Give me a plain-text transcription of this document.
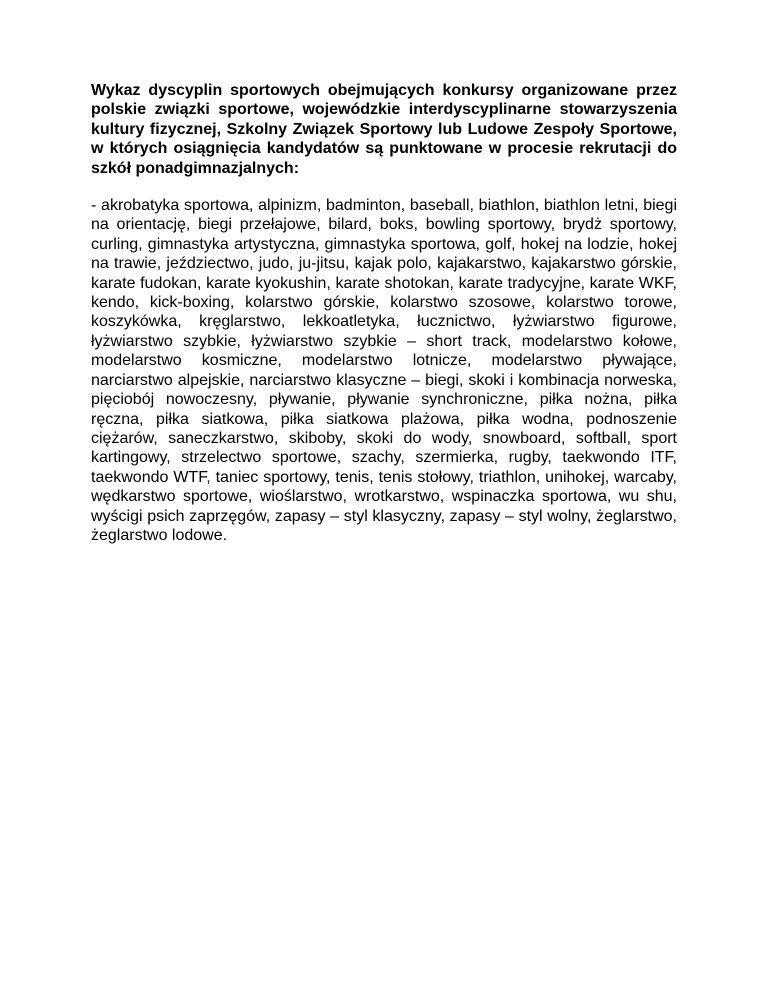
Wykaz dyscyplin sportowych obejmujących konkursy organizowane przez polskie związki sportowe, wojewódzkie interdyscyplinarne stowarzyszenia kultury fizycznej, Szkolny Związek Sportowy lub Ludowe Zespoły Sportowe, w których osiągnięcia kandydatów są punktowane w procesie rekrutacji do szkół ponadgimnazjalnych:

- akrobatyka sportowa, alpinizm, badminton, baseball, biathlon, biathlon letni, biegi na orientację, biegi przełajowe, bilard, boks, bowling sportowy, brydż sportowy, curling, gimnastyka artystyczna, gimnastyka sportowa, golf, hokej na lodzie, hokej na trawie, jeździectwo, judo, ju-jitsu, kajak polo, kajakarstwo, kajakarstwo górskie, karate fudokan, karate kyokushin, karate shotokan, karate tradycyjne, karate WKF, kendo, kick-boxing, kolarstwo górskie, kolarstwo szosowe, kolarstwo torowe, koszykówka, kręglarstwo, lekkoatletyka, łucznictwo, łyżwiarstwo figurowe, łyżwiarstwo szybkie, łyżwiarstwo szybkie – short track, modelarstwo kołowe, modelarstwo kosmiczne, modelarstwo lotnicze, modelarstwo pływające, narciarstwo alpejskie, narciarstwo klasyczne – biegi, skoki i kombinacja norweska, pięciobój nowoczesny, pływanie, pływanie synchroniczne, piłka nożna, piłka ręczna, piłka siatkowa, piłka siatkowa plażowa, piłka wodna, podnoszenie ciężarów, saneczkarstwo, skiboby, skoki do wody, snowboard, softball, sport kartingowy, strzelectwo sportowe, szachy, szermierka, rugby, taekwondo ITF, taekwondo WTF, taniec sportowy, tenis, tenis stołowy, triathlon, unihokej, warcaby, wędkarstwo sportowe, wioślarstwo, wrotkarstwo, wspinaczka sportowa, wu shu, wyścigi psich zaprzęgów, zapasy – styl klasyczny, zapasy – styl wolny, żeglarstwo, żeglarstwo lodowe.
